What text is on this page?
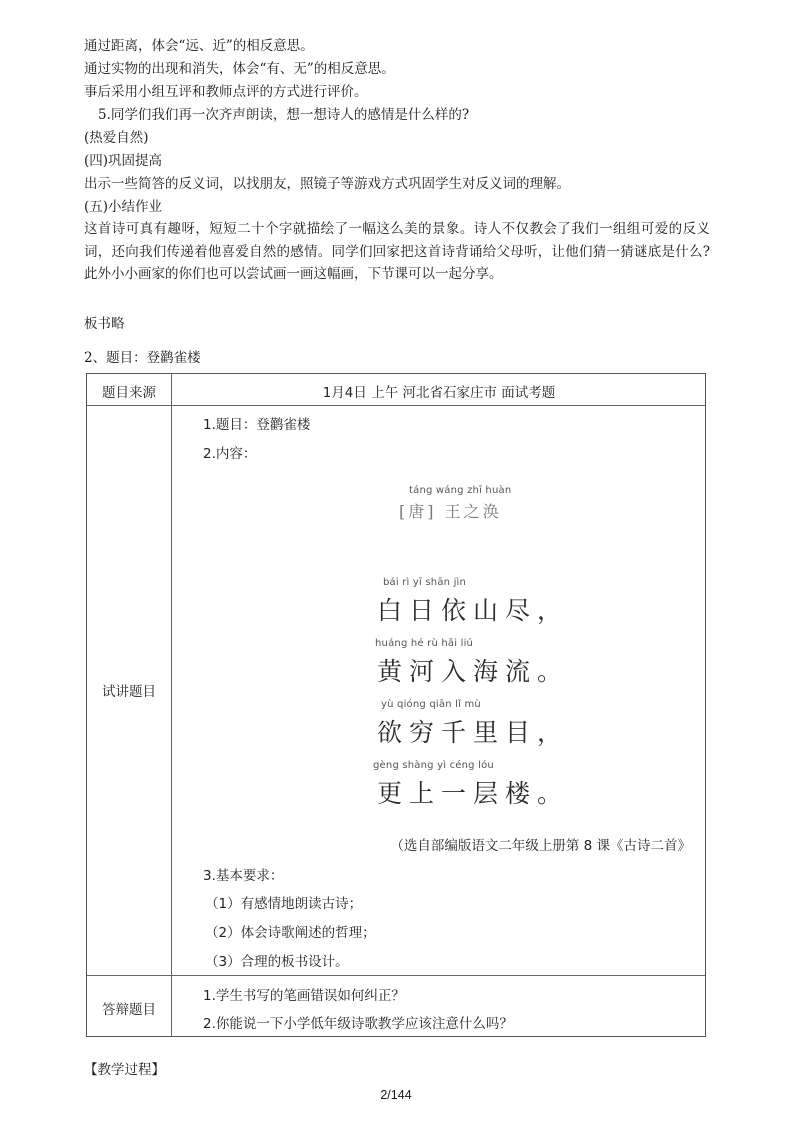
通过距离，体会“远、近”的相反意思。
通过实物的出现和消失，体会“有、无”的相反意思。
事后采用小组互评和教师点评的方式进行评价。
5.同学们我们再一次齐声朗读，想一想诗人的感情是什么样的?
(热爱自然)
(四)巩固提高
出示一些简答的反义词，以找朋友，照镜子等游戏方式巩固学生对反义词的理解。
(五)小结作业

这首诗可真有趣呀，短短二十个字就描绘了一幅这么美的景象。诗人不仅教会了我们一组组可爱的反义词，还向我们传递着他喜爱自然的感情。同学们回家把这首诗背诵给父母听，让他们猜一猜谜底是什么?此外小小画家的你们也可以尝试画一画这幅画，下节课可以一起分享。

板书略
2、题目：登鹳雀楼
题目来源	1月4日 上午 河北省石家庄市 面试考题
试讲题目
1.题目：登鹳雀楼
2.内容：
táng wáng zhī huàn
[唐] 王之涣
bái rì yī shān jìn
白日依山尽，
huáng hé rù hǎi liú
黄河入海流。
yù qióng qiān lǐ mù
欲穷千里目，
gèng shàng yì céng lóu
更上一层楼。
（选自部编版语文二年级上册第 8 课《古诗二首》
3.基本要求：
（1）有感情地朗读古诗；
（2）体会诗歌阐述的哲理；
（3）合理的板书设计。
答辩题目
1.学生书写的笔画错误如何纠正？
2.你能说一下小学低年级诗歌教学应该注意什么吗？
【教学过程】
2/144
